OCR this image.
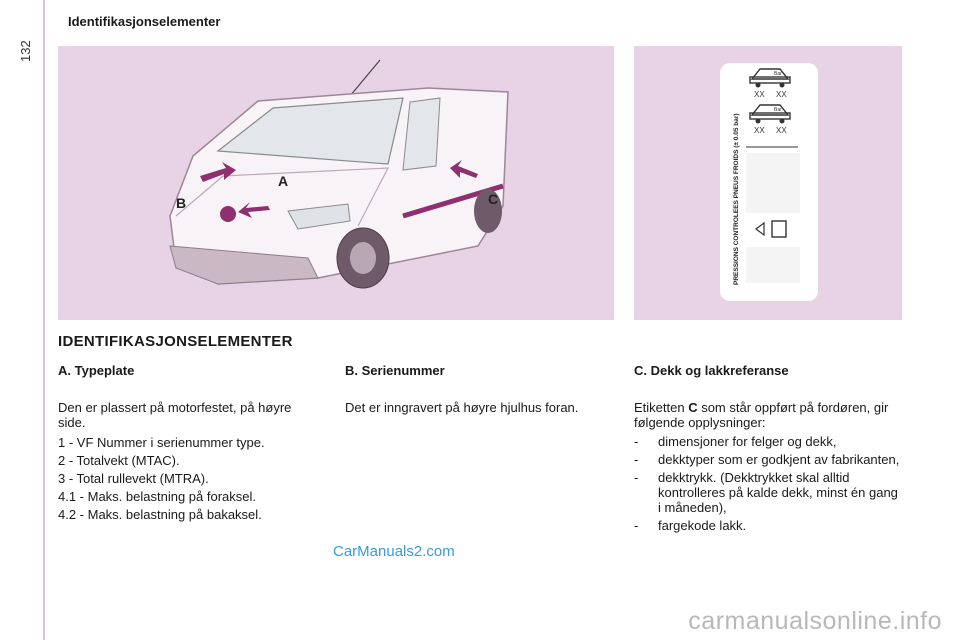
132
Identifikasjonselementer
A
B	C	PRESSIONS CONTROLEES PNEUS FROIDS (± 0.05 bar)
Bar
XX XX
Bar
XX XX
IDENTIFIKASJONSELEMENTER
A. Typeplate

Den er plassert på motorfestet, på høyre side.

1 - VF Nummer i serienummer type.

2 - Totalvekt (MTAC).

3 - Total rullevekt (MTRA).

4.1 - Maks. belastning på foraksel.

4.2 - Maks. belastning på bakaksel.

B. Serienummer

Det er inngravert på høyre hjulhus foran.

C. Dekk og lakkreferanse

Etiketten C som står oppført på fordøren, gir følgende opplysninger:

- dimensjoner for felger og dekk,
- dekktyper som er godkjent av fabrikanten,
- dekktrykk. (Dekktrykket skal alltid kontrolleres på kalde dekk, minst én gang i måneden),
- fargekode lakk.
CarManuals2.com
carmanualsonline.info
